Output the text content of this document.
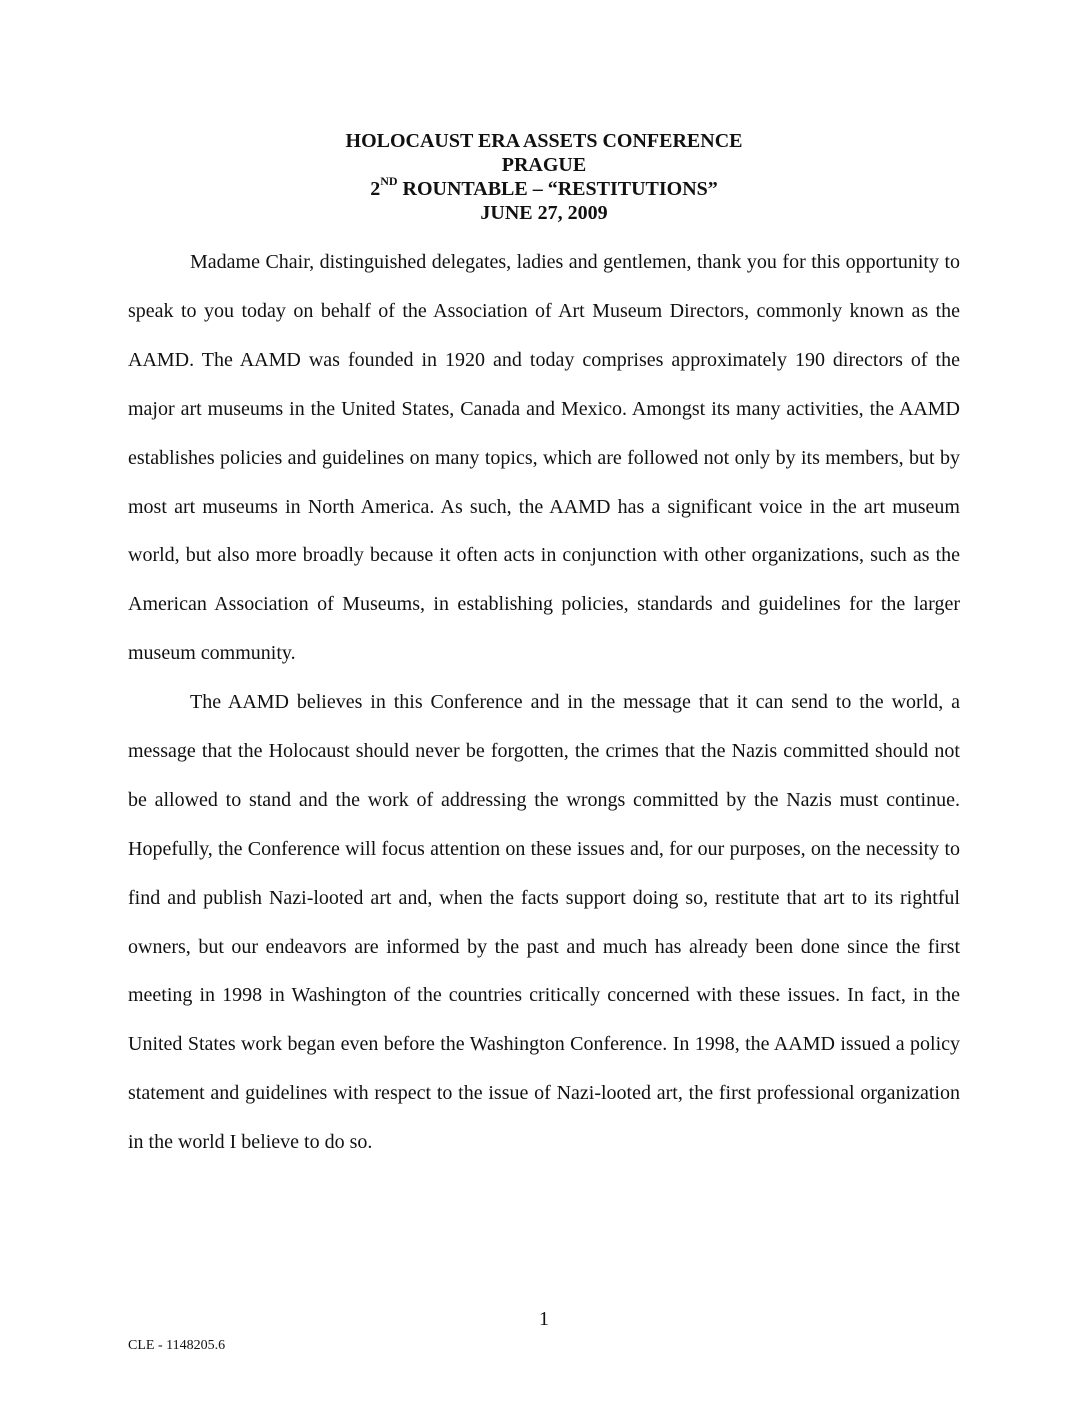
HOLOCAUST ERA ASSETS CONFERENCE
PRAGUE
2ND ROUNTABLE – “RESTITUTIONS”
JUNE 27, 2009

Madame Chair, distinguished delegates, ladies and gentlemen, thank you for this opportunity to speak to you today on behalf of the Association of Art Museum Directors, commonly known as the AAMD. The AAMD was founded in 1920 and today comprises approximately 190 directors of the major art museums in the United States, Canada and Mexico. Amongst its many activities, the AAMD establishes policies and guidelines on many topics, which are followed not only by its members, but by most art museums in North America. As such, the AAMD has a significant voice in the art museum world, but also more broadly because it often acts in conjunction with other organizations, such as the American Association of Museums, in establishing policies, standards and guidelines for the larger museum community.

The AAMD believes in this Conference and in the message that it can send to the world, a message that the Holocaust should never be forgotten, the crimes that the Nazis committed should not be allowed to stand and the work of addressing the wrongs committed by the Nazis must continue. Hopefully, the Conference will focus attention on these issues and, for our purposes, on the necessity to find and publish Nazi-looted art and, when the facts support doing so, restitute that art to its rightful owners, but our endeavors are informed by the past and much has already been done since the first meeting in 1998 in Washington of the countries critically concerned with these issues. In fact, in the United States work began even before the Washington Conference. In 1998, the AAMD issued a policy statement and guidelines with respect to the issue of Nazi-looted art, the first professional organization in the world I believe to do so.

1
CLE - 1148205.6
